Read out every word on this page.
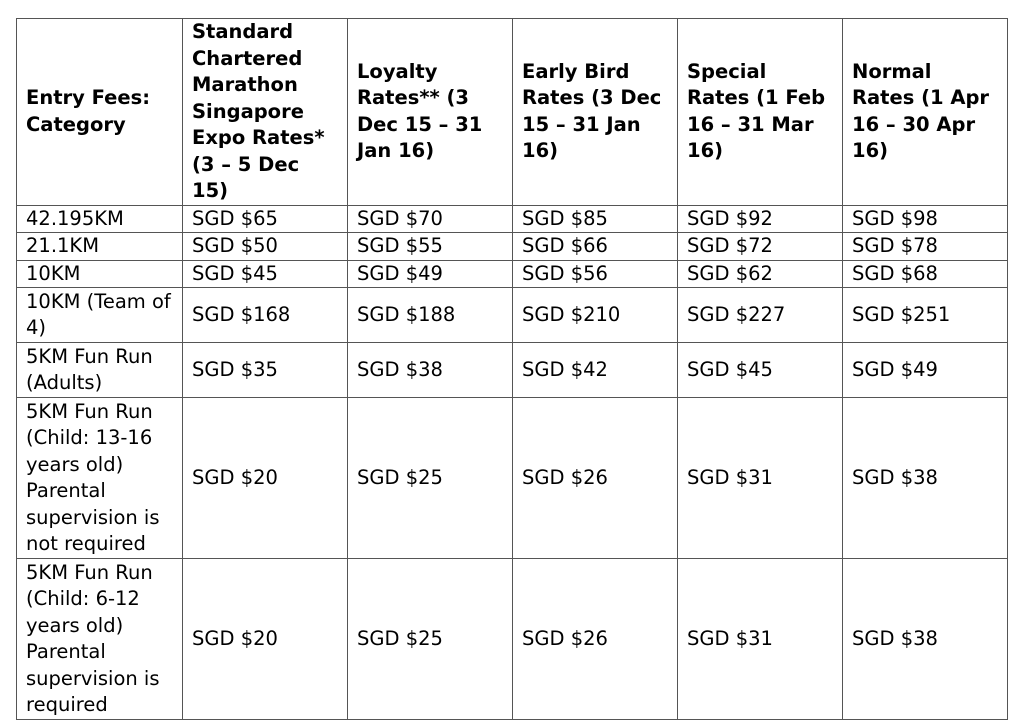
Entry Fees: Category	Standard Chartered Marathon Singapore Expo Rates* (3 – 5 Dec 15)	Loyalty Rates** (3 Dec 15 – 31 Jan 16)	Early Bird Rates (3 Dec 15 – 31 Jan 16)	Special Rates (1 Feb 16 – 31 Mar 16)	Normal Rates (1 Apr 16 – 30 Apr 16)
42.195KM	SGD $65	SGD $70	SGD $85	SGD $92	SGD $98
21.1KM	SGD $50	SGD $55	SGD $66	SGD $72	SGD $78
10KM	SGD $45	SGD $49	SGD $56	SGD $62	SGD $68
10KM (Team of 4)	SGD $168	SGD $188	SGD $210	SGD $227	SGD $251
5KM Fun Run (Adults)	SGD $35	SGD $38	SGD $42	SGD $45	SGD $49
5KM Fun Run (Child: 13-16 years old) Parental supervision is not required	SGD $20	SGD $25	SGD $26	SGD $31	SGD $38
5KM Fun Run (Child: 6-12 years old) Parental supervision is required	SGD $20	SGD $25	SGD $26	SGD $31	SGD $38
